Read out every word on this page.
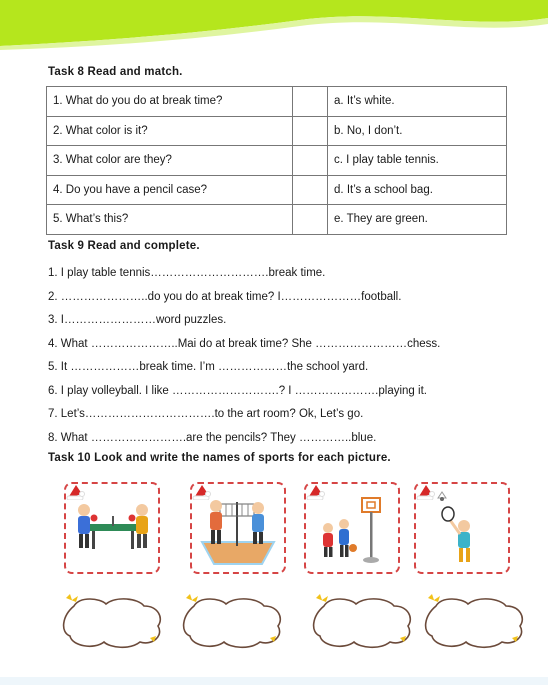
Task 8 Read and match.
1. What do you do at break time?		a. It’s white.
2. What color is it?		b. No, I don’t.
3. What color are they?		c. I play table tennis.
4. Do you have a pencil case?		d. It’s a school bag.
5. What’s this?		e. They are green.
Task 9 Read and complete.
1. I play table tennis………………………….break time.
2. …………………..do you do at break time? I…………………football.
3. I……………………word puzzles.
4. What …………………..Mai do at break time? She ……………………chess.
5. It ………………break time. I’m ………………the school yard.
6. I play volleyball. I like ……………………….? I ………………….playing it.
7. Let’s…………………………….to the art room? Ok, Let’s go.
8. What …………………….are the pencils? They …………..blue.
Task 10 Look and write the names of sports for each picture.
